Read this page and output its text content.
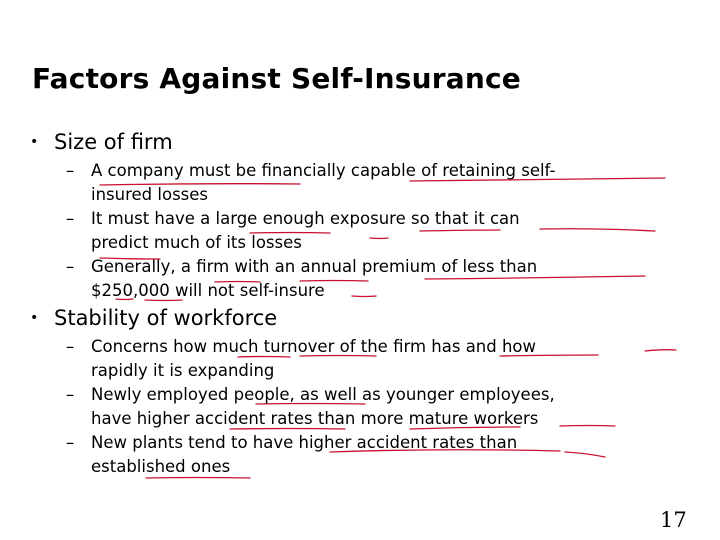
Factors Against Self-Insurance
• Size of firm
– A company must be financially capable of retaining self-
insured losses
– It must have a large enough exposure so that it can
predict much of its losses
– Generally, a firm with an annual premium of less than
$250,000 will not self-insure
• Stability of workforce
– Concerns how much turnover of the firm has and how
rapidly it is expanding
– Newly employed people, as well as younger employees,
have higher accident rates than more mature workers
– New plants tend to have higher accident rates than
established ones
17
